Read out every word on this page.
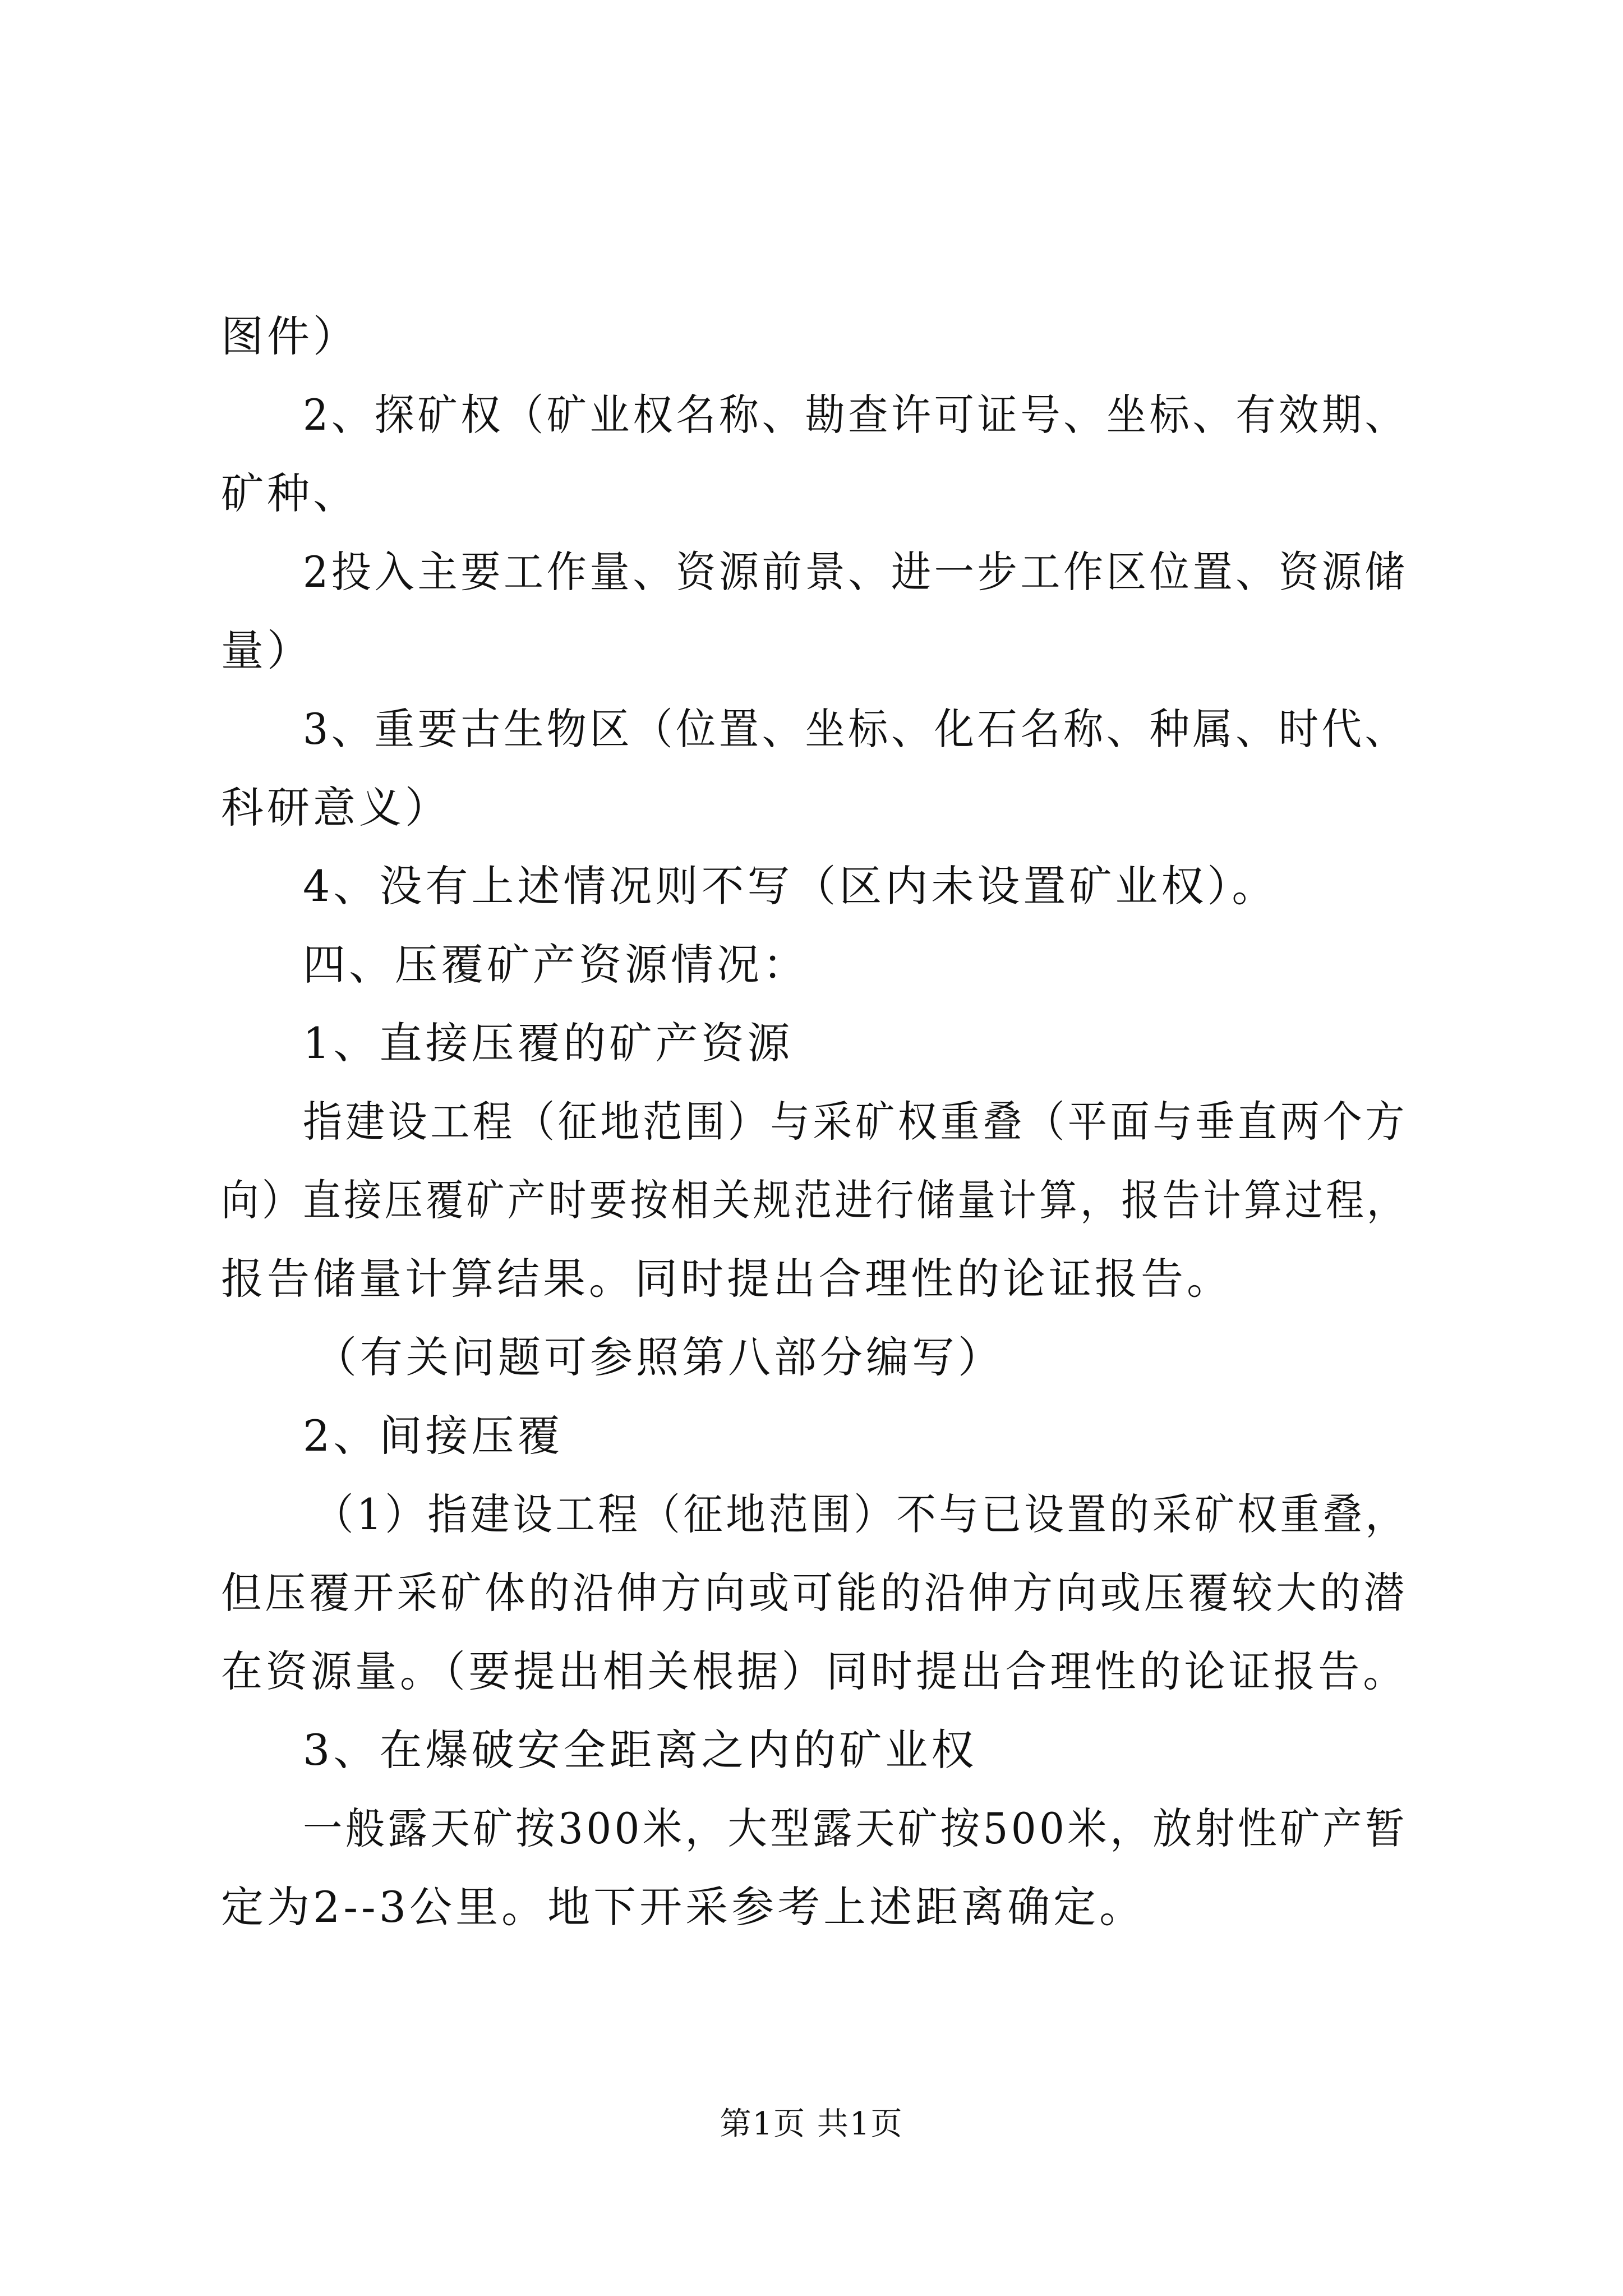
图件）
2、探矿权（矿业权名称、勘查许可证号、坐标、有效期、
矿种、
2投入主要工作量、资源前景、进一步工作区位置、资源储
量）
3、重要古生物区（位置、坐标、化石名称、种属、时代、
科研意义）
4、没有上述情况则不写（区内未设置矿业权）。
四、压覆矿产资源情况：
1、直接压覆的矿产资源
指建设工程（征地范围）与采矿权重叠（平面与垂直两个方
向）直接压覆矿产时要按相关规范进行储量计算，报告计算过程，
报告储量计算结果。同时提出合理性的论证报告。
（有关问题可参照第八部分编写）
2、间接压覆
（1）指建设工程（征地范围）不与已设置的采矿权重叠，
但压覆开采矿体的沿伸方向或可能的沿伸方向或压覆较大的潜
在资源量。（要提出相关根据）同时提出合理性的论证报告。
3、在爆破安全距离之内的矿业权
一般露天矿按300米，大型露天矿按500米，放射性矿产暂
定为2--3公里。地下开采参考上述距离确定。
第1页 共1页
